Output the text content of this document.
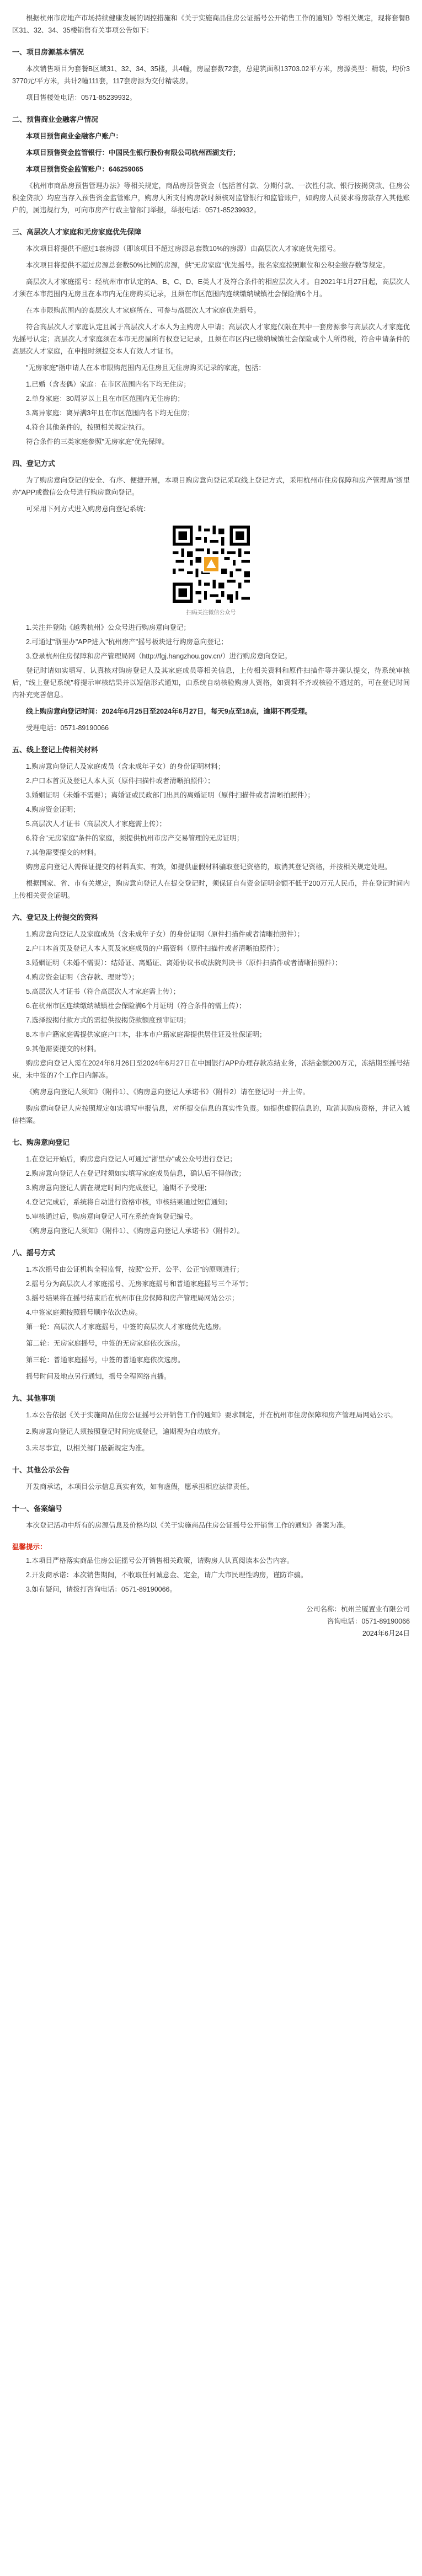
根据杭州市房地产市场持续健康发展的调控措施和《关于实施商品住房公证摇号公开销售工作的通知》等相关规定，现将套餐B区31、32、34、35楼销售有关事项公告如下：

一、项目房源基本情况

本次销售项目为套餐B区域31、32、34、35楼，共4幢，房屋套数72套，总建筑面积13703.02平方米，房源类型：精装，均价33770元/平方米，共计2幢111套，117套房源为交付精装房。

项目售楼处电话：0571-85239932。

二、预售商业金融客户情况

本项目预售商业金融客户账户：

本项目预售资金监管银行：中国民生银行股份有限公司杭州西湖支行；

本项目预售资金监管账户：646259065

《杭州市商品房预售管理办法》等相关规定，商品房预售资金（包括首付款、分期付款、一次性付款、银行按揭贷款、住房公积金贷款）均应当存入预售资金监管账户，购房人所支付购房款时须核对监管银行和监管账户，如购房人员要求将房款存入其他账户的，属违规行为，可向市房产行政主管部门举报，举报电话：0571-85239932。

三、高层次人才家庭和无房家庭优先保障

本次项目将提供不超过1套房源（即该项目不超过房源总套数10%的房源）由高层次人才家庭优先摇号。

本次项目将提供不超过房源总套数50%比例的房源，供"无房家庭"优先摇号。报名家庭按照顺位和公积金缴存数等规定。

高层次人才家庭摇号：经杭州市市认定的A、B、C、D、E类人才及符合条件的相应层次人才。自2021年1月27日起，高层次人才须在本市范围内无房且在本市内无住房购买记录，且须在市区范围内连续缴纳城镇社会保险满6个月。

在本市限购范围内的高层次人才家庭所在、可参与高层次人才家庭优先摇号。

符合高层次人才家庭认定且属于高层次人才本人为主购房人申请；高层次人才家庭仅限在其中一套房源参与高层次人才家庭优先摇号认定；高层次人才家庭须在本市无房屋所有权登记记录，且须在市区内已缴纳城镇社会保险或个人所得税，符合申请条件的高层次人才家庭，在申报时须提交本人有效人才证书。

"无房家庭"指申请人在本市限购范围内无住房且无住房购买记录的家庭，包括：

1.已婚（含丧偶）家庭：在市区范围内名下均无住房；

2.单身家庭：30周岁以上且在市区范围内无住房的；

3.离异家庭：离异满3年且在市区范围内名下均无住房；

4.符合其他条件的，按照相关规定执行。

符合条件的三类家庭参照"无房家庭"优先保障。

四、登记方式

为了购房意向登记的安全、有序、便捷开展，本项目购房意向登记采取线上登记方式，采用杭州市住房保障和房产管理局"浙里办"APP或微信公众号进行购房意向登记。

可采用下列方式进入购房意向登记系统：

扫码关注微信公众号

1.关注并登陆《越秀杭州》公众号进行购房意向登记；

2.可通过"浙里办"APP进入"杭州房产"摇号板块进行购房意向登记；

3.登录杭州住房保障和房产管理局网（http://fgj.hangzhou.gov.cn/）进行购房意向登记。

登记时请如实填写、认真核对购房登记人及其家庭成员等相关信息，上传相关资料和原件扫描件等并确认提交，待系统审核后，"线上登记系统"将提示审核结果并以短信形式通知，由系统自动核验购房人资格，如资料不齐或核验不通过的，可在登记时间内补充完善信息。

线上购房意向登记时间：2024年6月25日至2024年6月27日，每天9点至18点，逾期不再受理。

受理电话：0571-89190066

五、线上登记上传相关材料

1.购房意向登记人及家庭成员（含未成年子女）的身份证明材料；

2.户口本首页及登记人本人页（原件扫描件或者清晰拍照件）；

3.婚姻证明（未婚不需要）；离婚证或民政部门出具的离婚证明（原件扫描件或者清晰拍照件）；

4.购房资金证明；

5.高层次人才证书（高层次人才家庭需上传）；

6.符合"无房家庭"条件的家庭，须提供杭州市房产交易管理的无房证明；

7.其他需要提交的材料。

购房意向登记人需保证提交的材料真实、有效，如提供虚假材料骗取登记资格的，取消其登记资格，并按相关规定处理。

根据国家、省、市有关规定，购房意向登记人在提交登记时，须保证自有资金证明金额不低于200万元人民币，并在登记时间内上传相关资金证明。

六、登记及上传提交的资料

1.购房意向登记人及家庭成员（含未成年子女）的身份证明（原件扫描件或者清晰拍照件）；

2.户口本首页及登记人本人页及家庭成员的户籍资料（原件扫描件或者清晰拍照件）；

3.婚姻证明（未婚不需要）：结婚证、离婚证、离婚协议书或法院判决书（原件扫描件或者清晰拍照件）；

4.购房资金证明（含存款、理财等）；

5.高层次人才证书（符合高层次人才家庭需上传）；

6.在杭州市区连续缴纳城镇社会保险满6个月证明（符合条件的需上传）；

7.选择按揭付款方式的需提供按揭贷款额度预审证明；

8.本市户籍家庭需提供家庭户口本，非本市户籍家庭需提供居住证及社保证明；

9.其他需要提交的材料。

购房意向登记人需在2024年6月26日至2024年6月27日在中国银行APP办理存款冻结业务，冻结金额200万元，冻结期至摇号结束，未中签的7个工作日内解冻。

《购房意向登记人须知》（附件1）、《购房意向登记人承诺书》（附件2）请在登记时一并上传。

购房意向登记人应按照规定如实填写申报信息，对所提交信息的真实性负责。如提供虚假信息的，取消其购房资格，并记入诚信档案。

七、购房意向登记

1.在登记开始后，购房意向登记人可通过"浙里办"或公众号进行登记；

2.购房意向登记人在登记时须如实填写家庭成员信息，确认后不得修改；

3.购房意向登记人需在规定时间内完成登记，逾期不予受理；

4.登记完成后，系统将自动进行资格审核，审核结果通过短信通知；

5.审核通过后，购房意向登记人可在系统查询登记编号。

《购房意向登记人须知》（附件1）、《购房意向登记人承诺书》（附件2）。

八、摇号方式

1.本次摇号由公证机构全程监督，按照"公开、公平、公正"的原则进行；

2.摇号分为高层次人才家庭摇号、无房家庭摇号和普通家庭摇号三个环节；

3.摇号结果将在摇号结束后在杭州市住房保障和房产管理局网站公示；

4.中签家庭须按照摇号顺序依次选房。

第一轮：高层次人才家庭摇号，中签的高层次人才家庭优先选房。

第二轮：无房家庭摇号，中签的无房家庭依次选房。

第三轮：普通家庭摇号，中签的普通家庭依次选房。

摇号时间及地点另行通知，摇号全程网络直播。

九、其他事项

1.本公告依据《关于实施商品住房公证摇号公开销售工作的通知》要求制定，并在杭州市住房保障和房产管理局网站公示。

2.购房意向登记人须按照登记时间完成登记，逾期视为自动放弃。

3.未尽事宜，以相关部门最新规定为准。

十、其他公示公告

开发商承诺，本项目公示信息真实有效，如有虚假，愿承担相应法律责任。

十一、备案编号

本次登记活动中所有的房源信息及价格均以《关于实施商品住房公证摇号公开销售工作的通知》备案为准。

温馨提示：

1.本项目严格落实商品住房公证摇号公开销售相关政策，请购房人认真阅读本公告内容。

2.开发商承诺：本次销售期间，不收取任何诚意金、定金，请广大市民理性购房，谨防诈骗。

3.如有疑问，请拨打咨询电话：0571-89190066。

公司名称：杭州兰厦置业有限公司
咨询电话：0571-89190066
2024年6月24日
